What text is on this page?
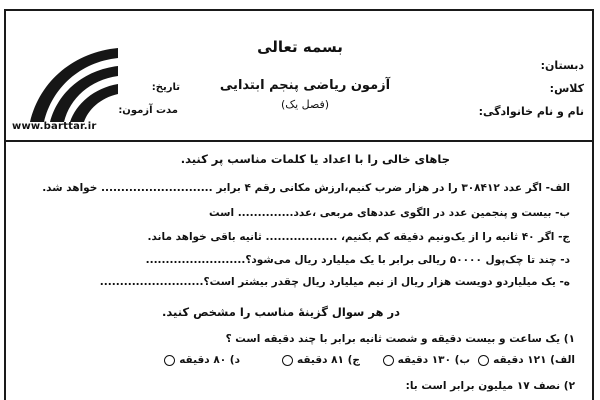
www.barttar.ir
بسمه تعالی
آزمون ریاضی پنجم ابتدایی
(فصل یک)
دبستان:
کلاس:
نام و نام خانوادگی:
تاریخ:
مدت آزمون:
جاهای خالی را با اعداد یا کلمات مناسب پر کنید.
الف- اگر عدد ۳۰۸۴۱۲ را در هزار ضرب کنیم،ارزش مکانی رقم ۴ برابر ............................ خواهد شد.
ب- بیست و پنجمین عدد در الگوی عددهای مربعی ،عدد.............. است
ج- اگر ۴۰ ثانیه را از یک‌ونیم دقیقه کم بکنیم، .................. ثانیه باقی خواهد ماند.
د- چند تا چک‌پول ۵۰۰۰۰ ریالی برابر با یک میلیارد ریال می‌شود؟.........................
ه- یک میلیاردو دویست هزار ریال از نیم میلیارد ریال چقدر بیشتر است؟..........................
در هر سوال گزینهٔ مناسب را مشخص کنید.
۱) یک ساعت و بیست دقیقه و شصت ثانیه برابر با چند دقیقه است ؟
الف) ۱۲۱ دقیقه
ب) ۱۳۰ دقیقه
ج) ۸۱ دقیقه
د) ۸۰ دقیقه
۲) نصف ۱۷ میلیون برابر است با:
